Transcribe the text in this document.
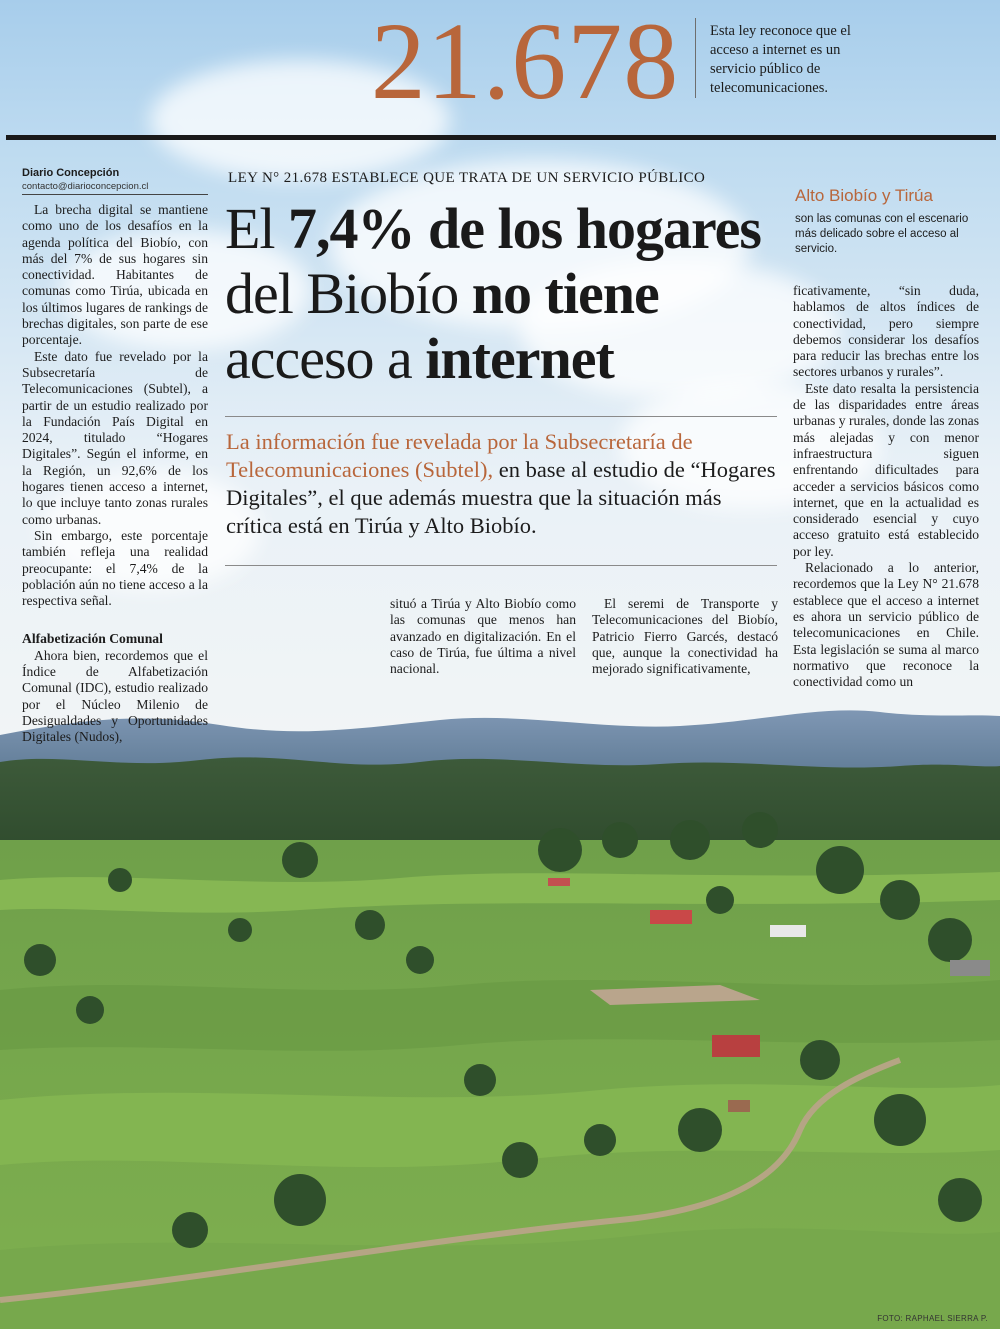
21.678	Esta ley reconoce que el acceso a internet es un servicio público de telecomunicaciones.
Diario Concepción
contacto@diarioconcepcion.cl

La brecha digital se mantiene como uno de los desafíos en la agenda política del Biobío, con más del 7% de sus hogares sin conectividad. Habitantes de comunas como Tirúa, ubicada en los últimos lugares de rankings de brechas digitales, son parte de ese porcentaje.

Este dato fue revelado por la Subsecretaría de Telecomunicaciones (Subtel), a partir de un estudio realizado por la Fundación País Digital en 2024, titulado “Hogares Digitales”. Según el informe, en la Región, un 92,6% de los hogares tienen acceso a internet, lo que incluye tanto zonas rurales como urbanas.

Sin embargo, este porcentaje también refleja una realidad preocupante: el 7,4% de la población aún no tiene acceso a la respectiva señal.

Alfabetización Comunal

Ahora bien, recordemos que el Índice de Alfabetización Comunal (IDC), estudio realizado por el Núcleo Milenio de Desigualdades y Oportunidades Digitales (Nudos),

LEY N° 21.678 ESTABLECE QUE TRATA DE UN SERVICIO PÚBLICO
El 7,4% de los hogares del Biobío no tiene acceso a internet
La información fue revelada por la Subsecretaría de Telecomunicaciones (Subtel), en base al estudio de “Hogares Digitales”, el que además muestra que la situación más crítica está en Tirúa y Alto Biobío.

situó a Tirúa y Alto Biobío como las comunas que menos han avanzado en digitalización. En el caso de Tirúa, fue última a nivel nacional.

El seremi de Transporte y Telecomunicaciones del Biobío, Patricio Fierro Garcés, destacó que, aunque la conectividad ha mejorado significativamente,

Alto Biobío y Tirúa
son las comunas con el escenario más delicado sobre el acceso al servicio.

ficativamente, “sin duda, hablamos de altos índices de conectividad, pero siempre debemos considerar los desafíos para reducir las brechas entre los sectores urbanos y rurales”.

Este dato resalta la persistencia de las disparidades entre áreas urbanas y rurales, donde las zonas más alejadas y con menor infraestructura siguen enfrentando dificultades para acceder a servicios básicos como internet, que en la actualidad es considerado esencial y cuyo acceso gratuito está establecido por ley.

Relacionado a lo anterior, recordemos que la Ley N° 21.678 establece que el acceso a internet es ahora un servicio público de telecomunicaciones en Chile. Esta legislación se suma al marco normativo que reconoce la conectividad como un

FOTO: RAPHAEL SIERRA P.
